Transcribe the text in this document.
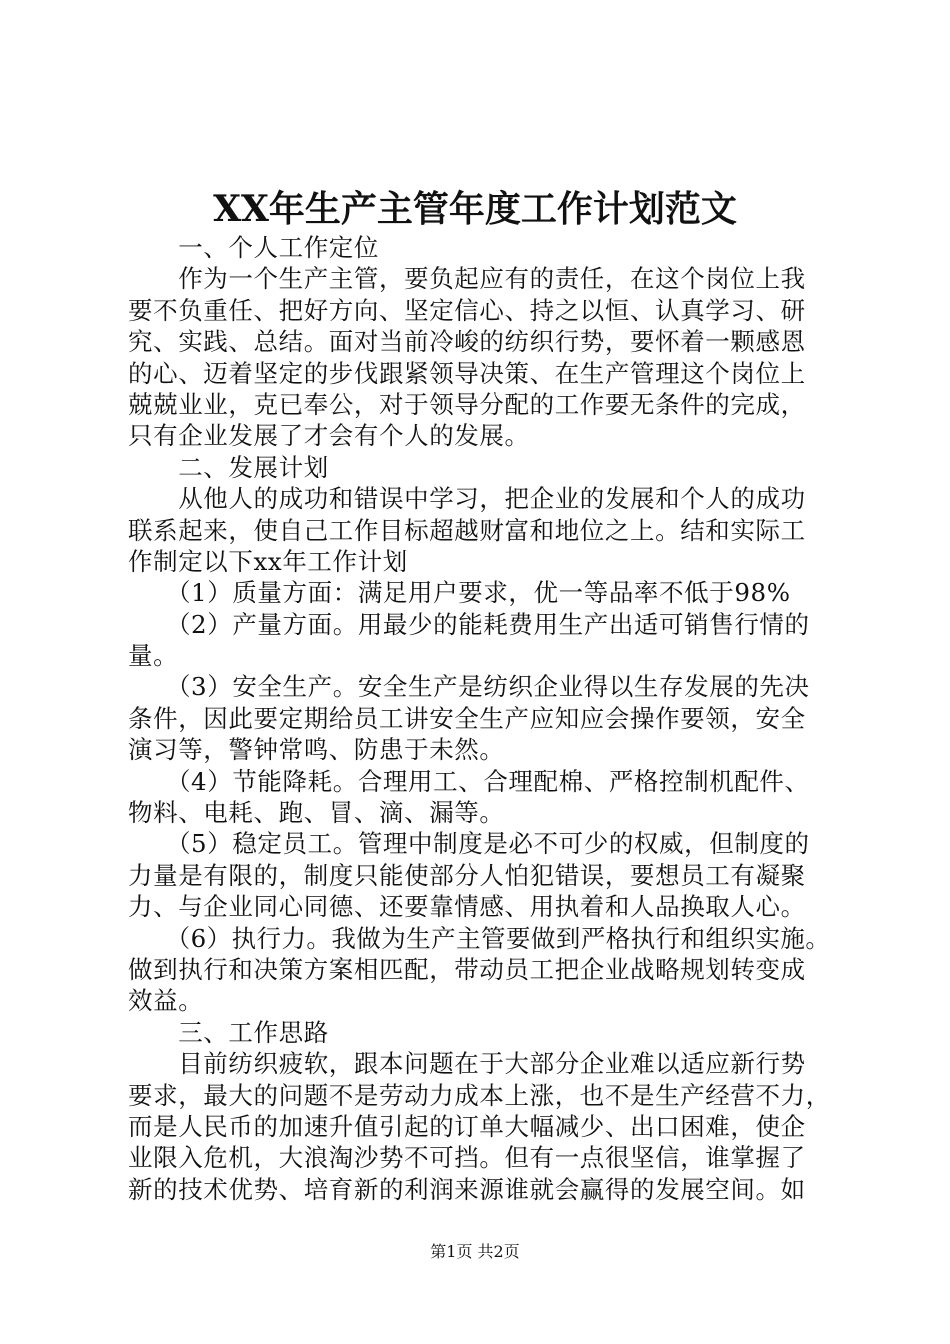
XX年生产主管年度工作计划范文
　　一、个人工作定位
　　作为一个生产主管，要负起应有的责任，在这个岗位上我
要不负重任、把好方向、坚定信心、持之以恒、认真学习、研
究、实践、总结。面对当前冷峻的纺织行势，要怀着一颗感恩
的心、迈着坚定的步伐跟紧领导决策、在生产管理这个岗位上
兢兢业业，克已奉公，对于领导分配的工作要无条件的完成，
只有企业发展了才会有个人的发展。
　　二、发展计划
　　从他人的成功和错误中学习，把企业的发展和个人的成功
联系起来，使自己工作目标超越财富和地位之上。结和实际工
作制定以下xx年工作计划
　　（1）质量方面：满足用户要求，优一等品率不低于98%
　　（2）产量方面。用最少的能耗费用生产出适可销售行情的
量。
　　（3）安全生产。安全生产是纺织企业得以生存发展的先决
条件，因此要定期给员工讲安全生产应知应会操作要领，安全
演习等，警钟常鸣、防患于未然。
　　（4）节能降耗。合理用工、合理配棉、严格控制机配件、
物料、电耗、跑、冒、滴、漏等。
　　（5）稳定员工。管理中制度是必不可少的权威，但制度的
力量是有限的，制度只能使部分人怕犯错误，要想员工有凝聚
力、与企业同心同德、还要靠情感、用执着和人品换取人心。
　　（6）执行力。我做为生产主管要做到严格执行和组织实施。
做到执行和决策方案相匹配，带动员工把企业战略规划转变成
效益。
　　三、工作思路
　　目前纺织疲软，跟本问题在于大部分企业难以适应新行势
要求，最大的问题不是劳动力成本上涨，也不是生产经营不力，
而是人民币的加速升值引起的订单大幅减少、出口困难，使企
业限入危机，大浪淘沙势不可挡。但有一点很坚信，谁掌握了
新的技术优势、培育新的利润来源谁就会赢得的发展空间。如
第1页 共2页
